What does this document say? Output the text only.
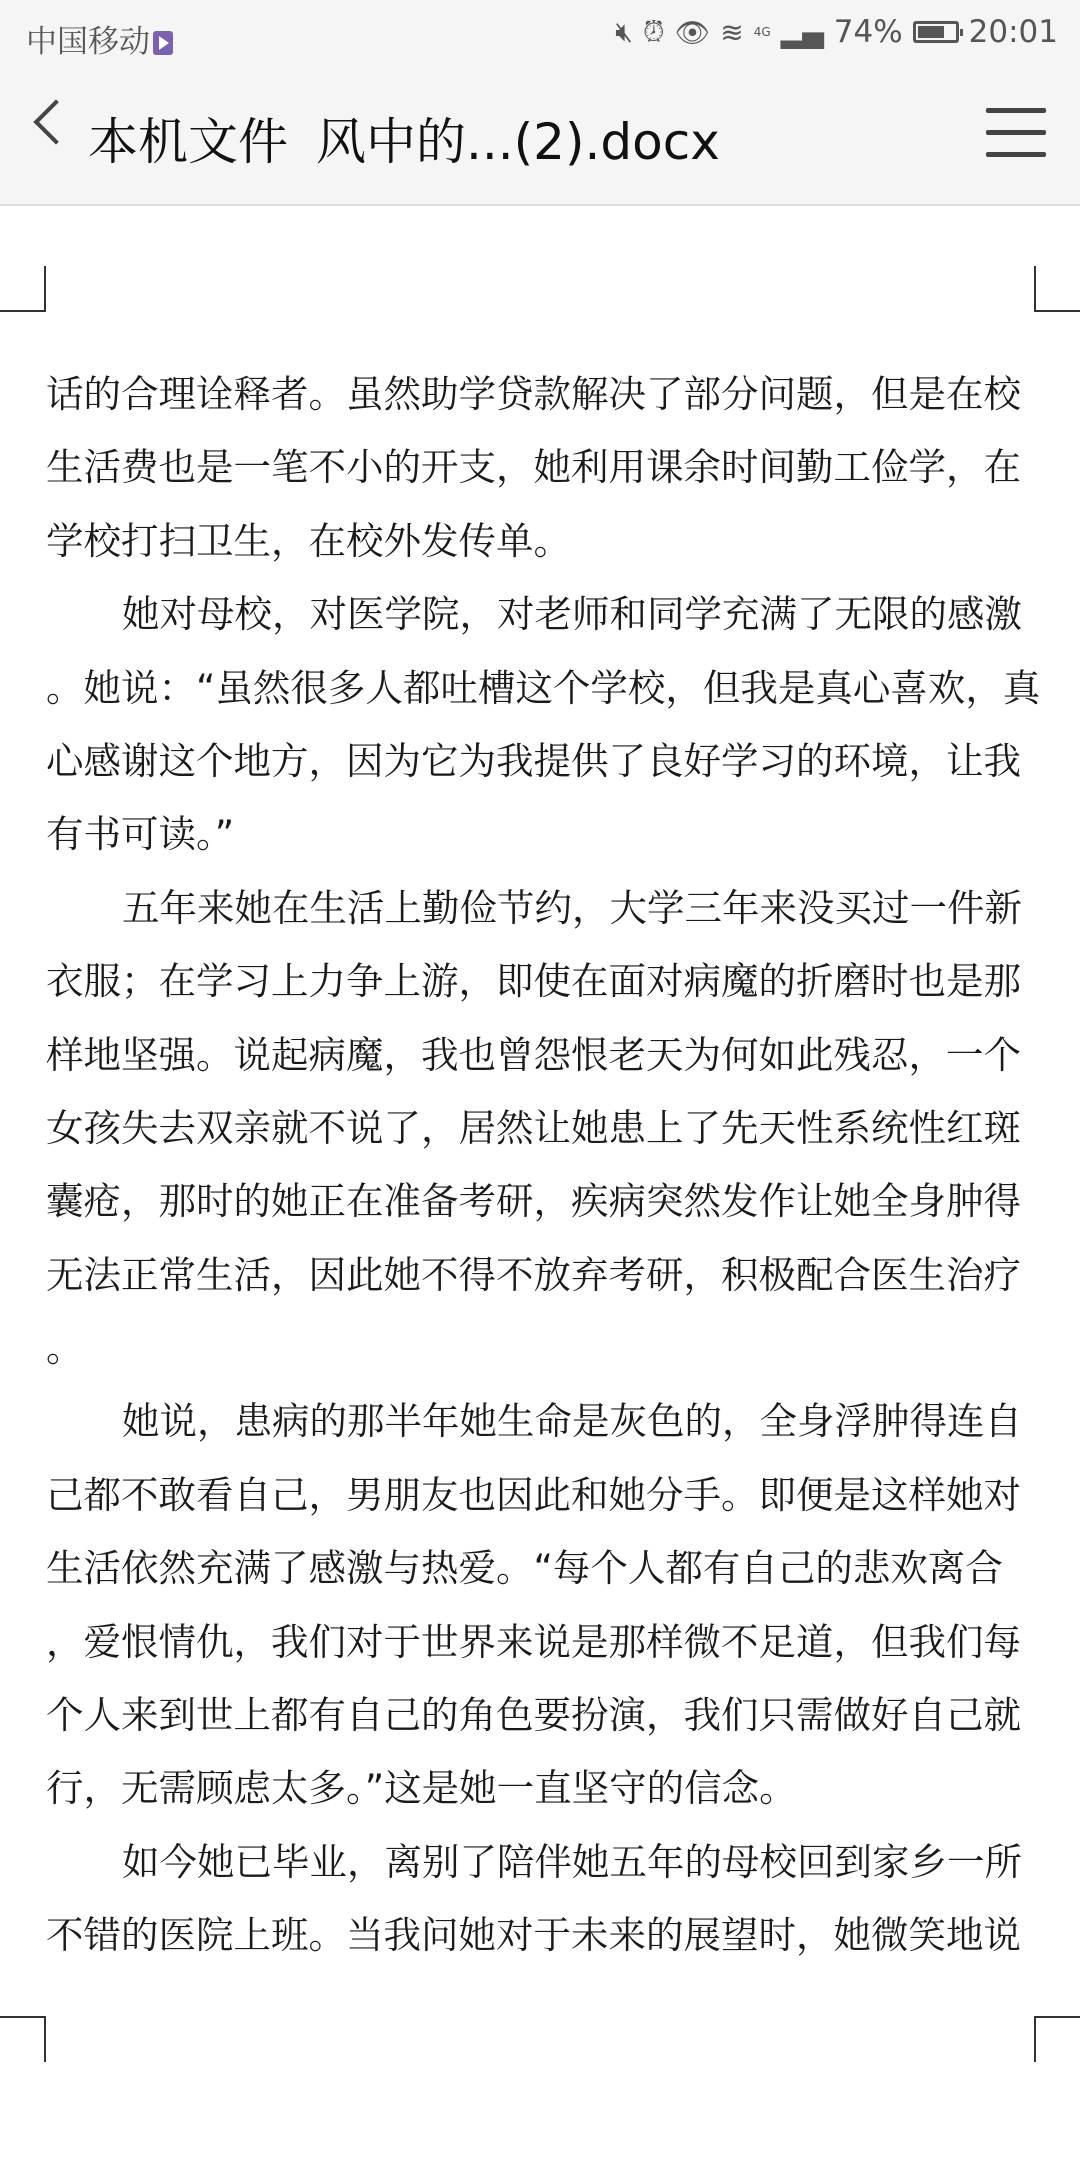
中国移动	🔇︎ ⏰︎ 👁︎ ≋ 4G ▂▄ 74% 20:01
本机文件 风中的...(2).docx
话的合理诠释者。虽然助学贷款解决了部分问题，但是在校
生活费也是一笔不小的开支，她利用课余时间勤工俭学，在
学校打扫卫生，在校外发传单。
她对母校，对医学院，对老师和同学充满了无限的感激
。她说：“虽然很多人都吐槽这个学校，但我是真心喜欢，真
心感谢这个地方，因为它为我提供了良好学习的环境，让我
有书可读。”
五年来她在生活上勤俭节约，大学三年来没买过一件新
衣服；在学习上力争上游，即使在面对病魔的折磨时也是那
样地坚强。说起病魔，我也曾怨恨老天为何如此残忍，一个
女孩失去双亲就不说了，居然让她患上了先天性系统性红斑
囊疮，那时的她正在准备考研，疾病突然发作让她全身肿得
无法正常生活，因此她不得不放弃考研，积极配合医生治疗
。
她说，患病的那半年她生命是灰色的，全身浮肿得连自
己都不敢看自己，男朋友也因此和她分手。即便是这样她对
生活依然充满了感激与热爱。“每个人都有自己的悲欢离合
，爱恨情仇，我们对于世界来说是那样微不足道，但我们每
个人来到世上都有自己的角色要扮演，我们只需做好自己就
行，无需顾虑太多。”这是她一直坚守的信念。
如今她已毕业，离别了陪伴她五年的母校回到家乡一所
不错的医院上班。当我问她对于未来的展望时，她微笑地说
